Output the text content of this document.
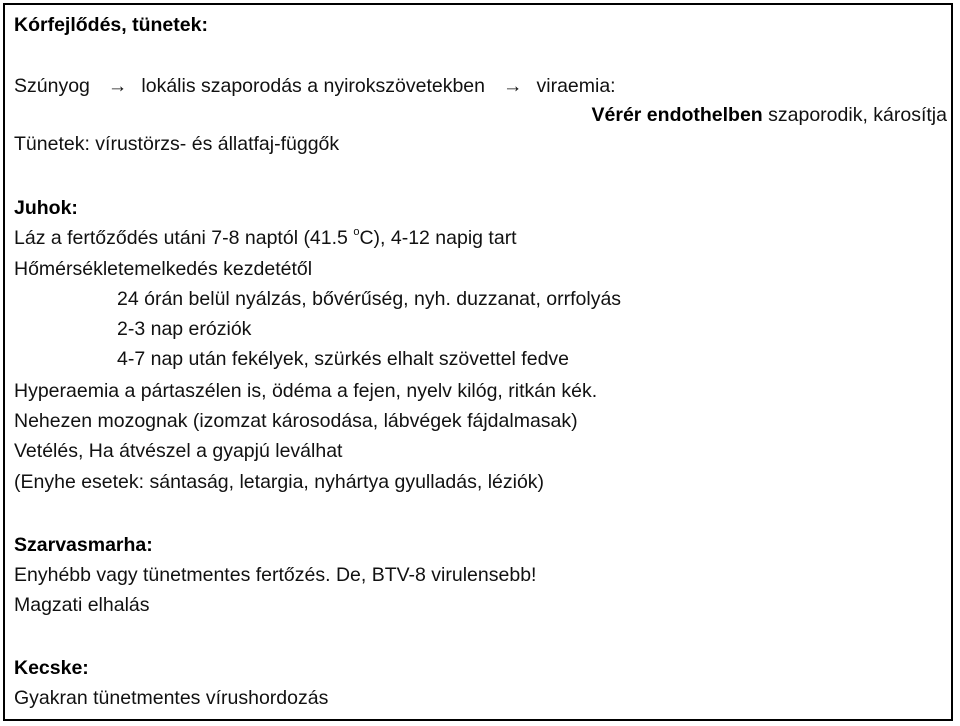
Kórfejlődés, tünetek:
Szúnyog → lokális szaporodás a nyirokszövetekben → viraemia:
Vérér endothelben szaporodik, károsítja
Tünetek: vírustörzs- és állatfaj-függők
Juhok:
Láz a fertőződés utáni 7-8 naptól (41.5 $^o$C), 4-12 napig tart
Hőmérsékletemelkedés kezdetétől
24 órán belül nyálzás, bővérűség, nyh. duzzanat, orrfolyás
2-3 nap eróziók
4-7 nap után fekélyek, szürkés elhalt szövettel fedve
Hyperaemia a pártaszélen is, ödéma a fejen, nyelv kilóg, ritkán kék.
Nehezen mozognak (izomzat károsodása, lábvégek fájdalmasak)
Vetélés, Ha átvészel a gyapjú leválhat
(Enyhe esetek: sántaság, letargia, nyhártya gyulladás, léziók)
Szarvasmarha:
Enyhébb vagy tünetmentes fertőzés. De, BTV-8 virulensebb!
Magzati elhalás
Kecske:
Gyakran tünetmentes vírushordozás
